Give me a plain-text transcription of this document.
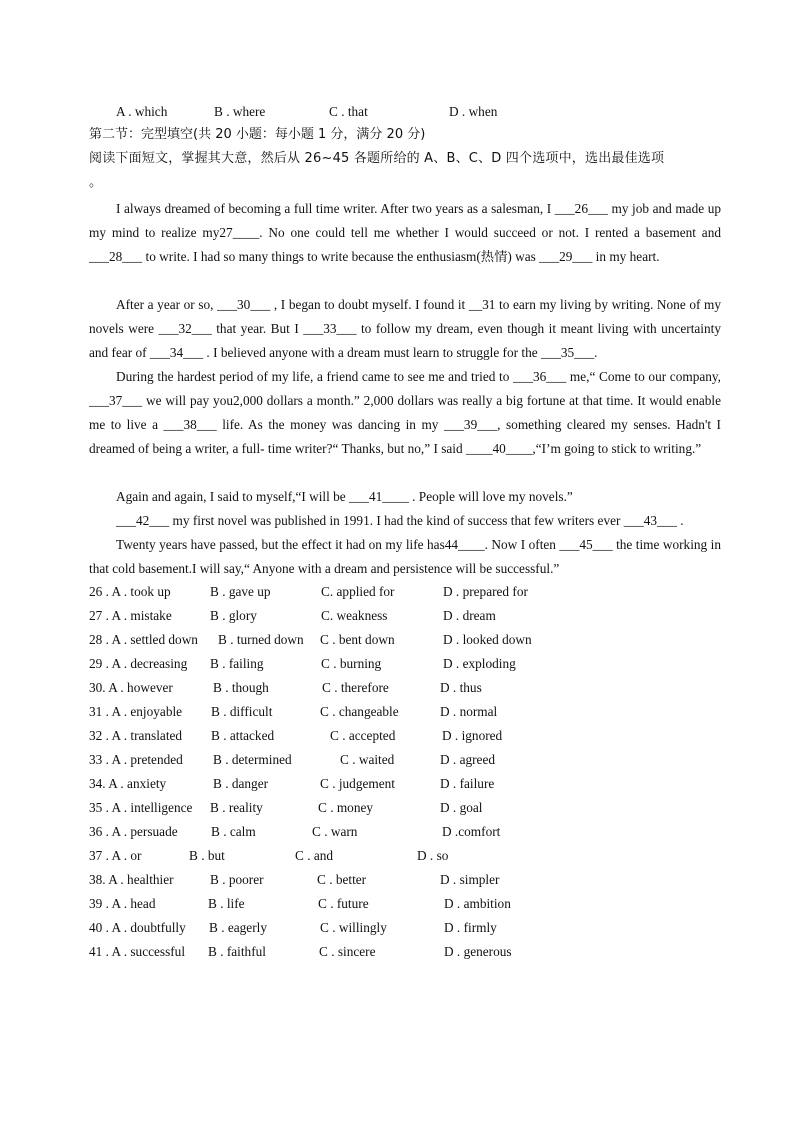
A . which	B . where	C . that	D . when
第二节：完型填空(共 20 小题：每小题 1 分，满分 20 分)
阅读下面短文，掌握其大意，然后从 26~45 各题所给的 A、B、C、D 四个选项中，选出最佳选项
。

I always dreamed of becoming a full time writer. After two years as a salesman, I ___26___ my job and made up my mind to realize my27____. No one could tell me whether I would succeed or not. I rented a basement and ___28___ to write. I had so many things to write because the enthusiasm(热情) was ___29___ in my heart.

After a year or so, ___30___ , I began to doubt myself. I found it __31 to earn my living by writing. None of my novels were ___32___ that year. But I ___33___ to follow my dream, even though it meant living with uncertainty and fear of ___34___ . I believed anyone with a dream must learn to struggle for the ___35___.

During the hardest period of my life, a friend came to see me and tried to ___36___ me,“ Come to our company, ___37___ we will pay you2,000 dollars a month.” 2,000 dollars was really a big fortune at that time. It would enable me to live a ___38___ life. As the money was dancing in my ___39___, something cleared my senses. Hadn't I dreamed of being a writer, a full- time writer?“ Thanks, but no,” I said ____40____,“I’m going to stick to writing.”

Again and again, I said to myself,“I will be ___41____ . People will love my novels.”

___42___ my first novel was published in 1991. I had the kind of success that few writers ever ___43___ .

Twenty years have passed, but the effect it had on my life has44____. Now I often ___45___ the time working in that cold basement.I will say,“ Anyone with a dream and persistence will be successful.”

26 . A . took up	B . gave up	C. applied for	D . prepared for
27 . A . mistake	B . glory	C. weakness	D . dream
28 . A . settled down B . turned down C . bent down	D . looked down
29 . A . decreasing B . failing	C . burning	D . exploding
30. A . however	B . though	C . therefore	D . thus
31 . A . enjoyable B . difficult	C . changeable	D . normal
32 . A . translated B . attacked	C . accepted	D . ignored
33 . A . pretended B . determined	C . waited	D . agreed
34. A . anxiety	B . danger	C . judgement	D . failure
35 . A . intelligence B . reality	C . money	D . goal
36 . A . persuade	B . calm	C . warn	D .comfort
37 . A . or	B . but	C . and	D . so
38. A . healthier	B . poorer	C . better	D . simpler
39 . A . head	B . life	C . future	D . ambition
40 . A . doubtfully B . eagerly	C . willingly	D . firmly
41 . A . successful B . faithful	C . sincere	D . generous
